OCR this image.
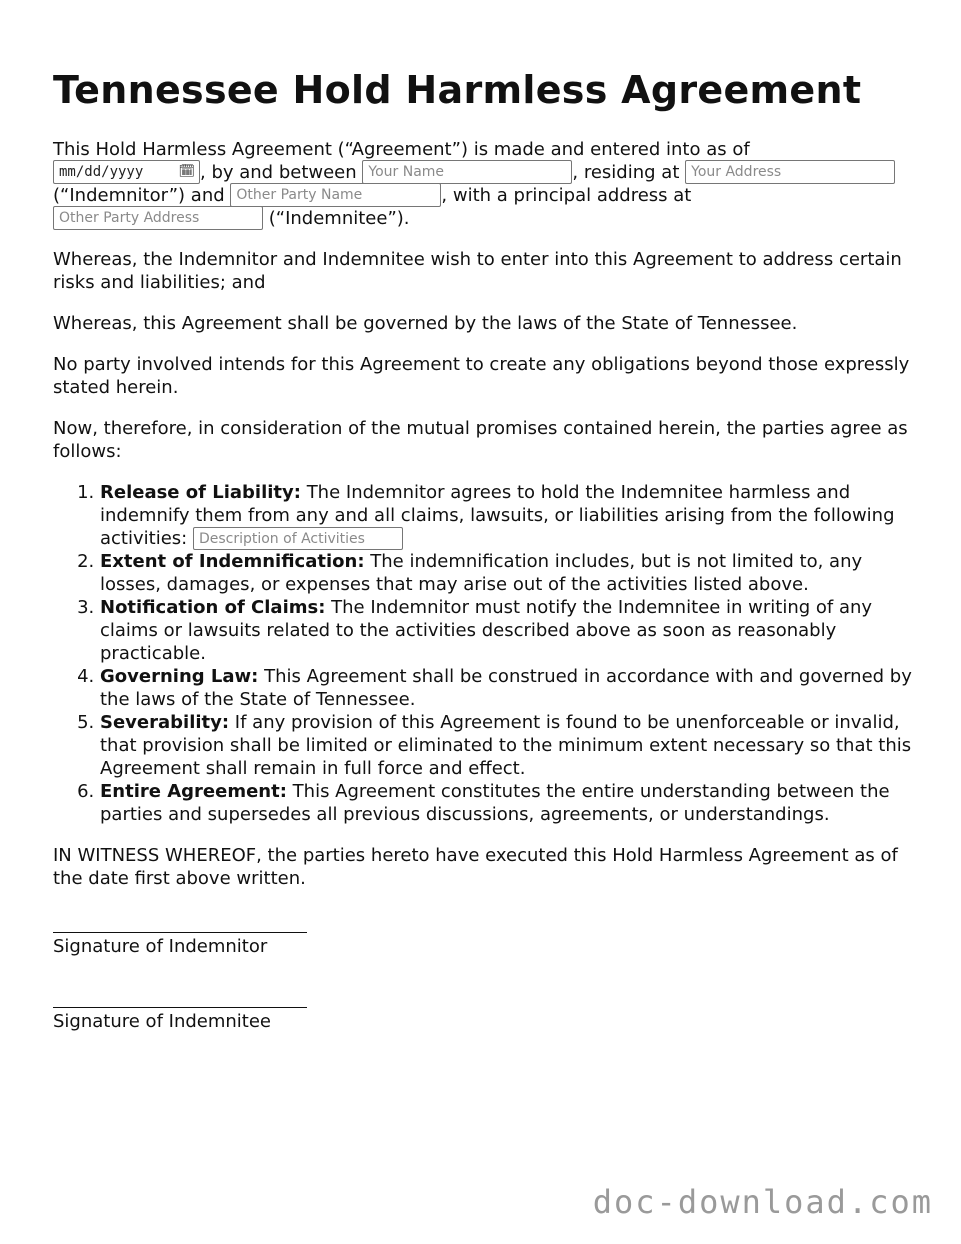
Tennessee Hold Harmless Agreement

This Hold Harmless Agreement (“Agreement”) is made and entered into as of
mm/dd/yyyy	🗓 , by and between Your Name	, residing at Your Address
(“Indemnitor”) and Other Party Name	, with a principal address at
Other Party Address	(“Indemnitee”).

Whereas, the Indemnitor and Indemnitee wish to enter into this Agreement to address certain risks and liabilities; and

Whereas, this Agreement shall be governed by the laws of the State of Tennessee.

No party involved intends for this Agreement to create any obligations beyond those expressly stated herein.

Now, therefore, in consideration of the mutual promises contained herein, the parties agree as follows:

1. Release of Liability: The Indemnitor agrees to hold the Indemnitee harmless and indemnify them from any and all claims, lawsuits, or liabilities arising from the following activities: Description of Activities
2. Extent of Indemnification: The indemnification includes, but is not limited to, any losses, damages, or expenses that may arise out of the activities listed above.
3. Notification of Claims: The Indemnitor must notify the Indemnitee in writing of any claims or lawsuits related to the activities described above as soon as reasonably practicable.
4. Governing Law: This Agreement shall be construed in accordance with and governed by the laws of the State of Tennessee.
5. Severability: If any provision of this Agreement is found to be unenforceable or invalid, that provision shall be limited or eliminated to the minimum extent necessary so that this Agreement shall remain in full force and effect.
6. Entire Agreement: This Agreement constitutes the entire understanding between the parties and supersedes all previous discussions, agreements, or understandings.

IN WITNESS WHEREOF, the parties hereto have executed this Hold Harmless Agreement as of the date first above written.

Signature of Indemnitor
Signature of Indemnitee
doc-download.com
